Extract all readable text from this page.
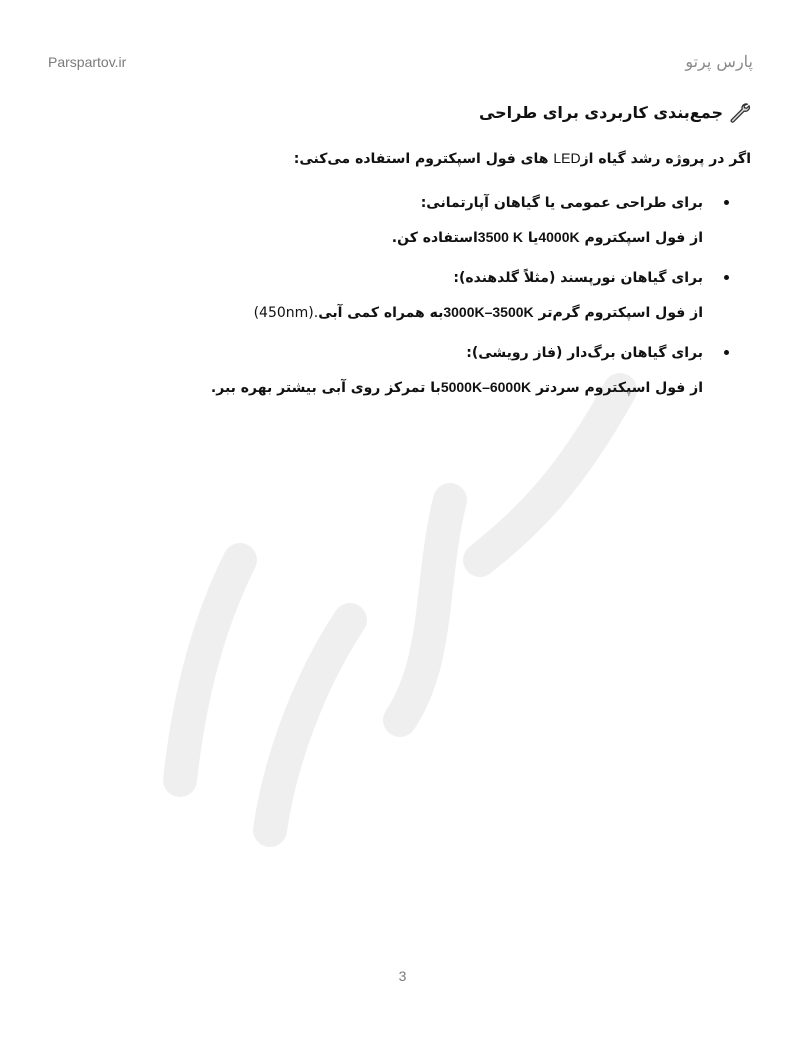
Parspartov.ir	پارس پرتو
جمع‌بندی کاربردی برای طراحی

اگر در پروژه رشد گیاه ازLED های فول اسپکتروم استفاده می‌کنی:

برای طراحی عمومی یا گیاهان آپارتمانی:

از فول اسپکتروم 4000Kیا 3500 Kاستفاده کن.

برای گیاهان نورپسند (مثلاً گلدهنده):

از فول اسپکتروم گرم‌تر 3000K–3500Kبه همراه کمی آبی.(450nm)

برای گیاهان برگ‌دار (فاز رویشی):

از فول اسپکتروم سردتر 5000K–6000Kبا تمرکز روی آبی بیشتر بهره ببر.

3
